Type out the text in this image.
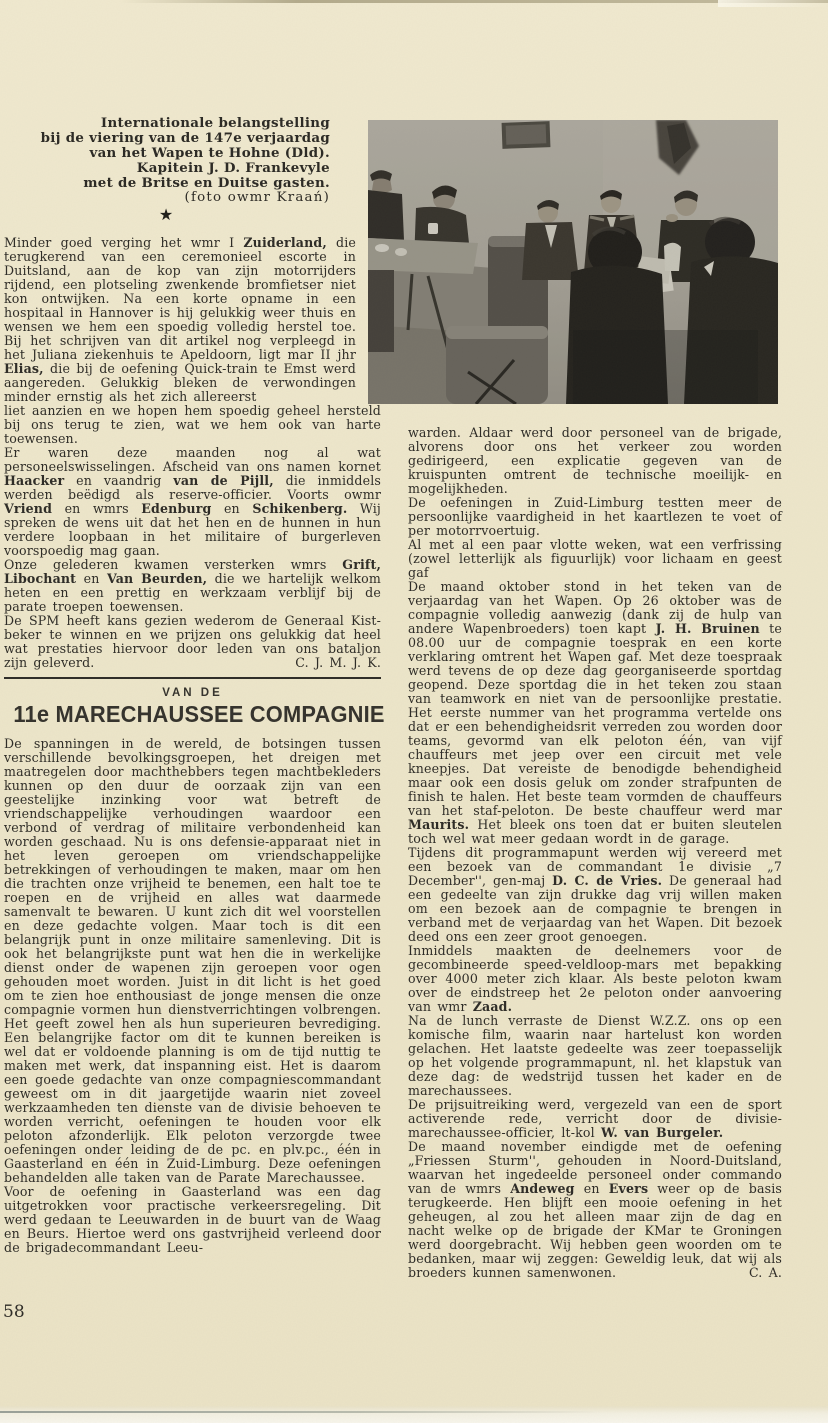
Internationale belangstelling
bij de viering van de 147e verjaardag
van het Wapen te Hohne (Dld).
Kapitein J. D. Frankevyle
met de Britse en Duitse gasten.
(foto owmr Kraań)
★

Minder goed verging het wmr I Zuiderland, die terugkerend van een ceremonieel escorte in Duitsland, aan de kop van zijn motorrijders rijdend, een plotseling zwenkende bromfietser niet kon ontwijken. Na een korte opname in een hospitaal in Hannover is hij gelukkig weer thuis en wensen we hem een spoedig volledig herstel toe. Bij het schrijven van dit artikel nog verpleegd in het Juliana ziekenhuis te Apeldoorn, ligt mar II jhr Elias, die bij de oefening Quick-train te Emst werd aangereden. Gelukkig bleken de verwondingen minder ernstig als het zich allereerst

liet aanzien en we hopen hem spoedig geheel hersteld bij ons terug te zien, wat we hem ook van harte toewensen.

Er waren deze maanden nog al wat personeelswisselingen. Afscheid van ons namen kornet Haacker en vaandrig van de Pijll, die inmiddels werden beëdigd als reserve-officier. Voorts owmr Vriend en wmrs Edenburg en Schikenberg. Wij spreken de wens uit dat het hen en de hunnen in hun verdere loopbaan in het militaire of burgerleven voorspoedig mag gaan.

Onze gelederen kwamen versterken wmrs Grift, Libochant en Van Beurden, die we hartelijk welkom heten en een prettig en werkzaam verblijf bij de parate troepen toewensen.

De SPM heeft kans gezien wederom de Generaal Kist-beker te winnen en we prijzen ons gelukkig dat heel wat prestaties hiervoor door leden van ons bataljon zijn geleverd.	C. J. M. J. K.

VAN DE
11e MARECHAUSSEE COMPAGNIE

De spanningen in de wereld, de botsingen tussen verschillende bevolkingsgroepen, het dreigen met maatregelen door machthebbers tegen machtbekleders kunnen op den duur de oorzaak zijn van een geestelijke inzinking voor wat betreft de vriendschappelijke verhoudingen waardoor een verbond of verdrag of militaire verbondenheid kan worden geschaad. Nu is ons defensie-apparaat niet in het leven geroepen om vriendschappelijke betrekkingen of verhoudingen te maken, maar om hen die trachten onze vrijheid te benemen, een halt toe te roepen en de vrijheid en alles wat daarmede samenvalt te bewaren. U kunt zich dit wel voorstellen en deze gedachte volgen. Maar toch is dit een belangrijk punt in onze militaire samenleving. Dit is ook het belangrijkste punt wat hen die in werkelijke dienst onder de wapenen zijn geroepen voor ogen gehouden moet worden. Juist in dit licht is het goed om te zien hoe enthousiast de jonge mensen die onze compagnie vormen hun dienstverrichtingen volbrengen. Het geeft zowel hen als hun superieuren bevrediging. Een belangrijke factor om dit te kunnen bereiken is wel dat er voldoende planning is om de tijd nuttig te maken met werk, dat inspanning eist. Het is daarom een goede gedachte van onze compagniescommandant geweest om in dit jaargetijde waarin niet zoveel werkzaamheden ten dienste van de divisie behoeven te worden verricht, oefeningen te houden voor elk peloton afzonderlijk. Elk peloton verzorgde twee oefeningen onder leiding de de pc. en plv.pc., één in Gaasterland en één in Zuid-Limburg. Deze oefeningen behandelden alle taken van de Parate Marechaussee.

Voor de oefening in Gaasterland was een dag uitgetrokken voor practische verkeersregeling. Dit werd gedaan te Leeuwarden in de buurt van de Waag en Beurs. Hiertoe werd ons gastvrijheid verleend door de brigadecommandant Leeu-

warden. Aldaar werd door personeel van de brigade, alvorens door ons het verkeer zou worden gedirigeerd, een explicatie gegeven van de kruispunten omtrent de technische moeilijk- en mogelijkheden.

De oefeningen in Zuid-Limburg testten meer de persoonlijke vaardigheid in het kaartlezen te voet of per motorrvoertuig.

Al met al een paar vlotte weken, wat een verfrissing (zowel letterlijk als figuurlijk) voor lichaam en geest gaf

De maand oktober stond in het teken van de verjaardag van het Wapen. Op 26 oktober was de compagnie volledig aanwezig (dank zij de hulp van andere Wapenbroeders) toen kapt J. H. Bruinen te 08.00 uur de compagnie toesprak en een korte verklaring omtrent het Wapen gaf. Met deze toespraak werd tevens de op deze dag georganiseerde sportdag geopend. Deze sportdag die in het teken zou staan van teamwork en niet van de persoonlijke prestatie. Het eerste nummer van het programma vertelde ons dat er een behendigheidsrit verreden zou worden door teams, gevormd van elk peloton één, van vijf chauffeurs met jeep over een circuit met vele kneepjes. Dat vereiste de benodigde behendigheid maar ook een dosis geluk om zonder strafpunten de finish te halen. Het beste team vormden de chauffeurs van het staf-peloton. De beste chauffeur werd mar Maurits. Het bleek ons toen dat er buiten sleutelen toch wel wat meer gedaan wordt in de garage.

Tijdens dit programmapunt werden wij vereerd met een bezoek van de commandant 1e divisie „7 December'', gen-maj D. C. de Vries. De generaal had een gedeelte van zijn drukke dag vrij willen maken om een bezoek aan de compagnie te brengen in verband met de verjaardag van het Wapen. Dit bezoek deed ons een zeer groot genoegen.

Inmiddels maakten de deelnemers voor de gecombineerde speed-veldloop-mars met bepakking over 4000 meter zich klaar. Als beste peloton kwam over de eindstreep het 2e peloton onder aanvoering van wmr Zaad.

Na de lunch verraste de Dienst W.Z.Z. ons op een komische film, waarin naar hartelust kon worden gelachen. Het laatste gedeelte was zeer toepasselijk op het volgende programmapunt, nl. het klapstuk van deze dag: de wedstrijd tussen het kader en de marechaussees.

De prijsuitreiking werd, vergezeld van een de sport activerende rede, verricht door de divisie-marechaussee-officier, lt-kol W. van Burgeler.

De maand november eindigde met de oefening „Friessen Sturm'', gehouden in Noord-Duitsland, waarvan het ingedeelde personeel onder commando van de wmrs Andeweg en Evers weer op de basis terugkeerde. Hen blijft een mooie oefening in het geheugen, al zou het alleen maar zijn de dag en nacht welke op de brigade der KMar te Groningen werd doorgebracht. Wij hebben geen woorden om te bedanken, maar wij zeggen: Geweldig leuk, dat wij als broeders kunnen samenwonen.	C. A.

58
